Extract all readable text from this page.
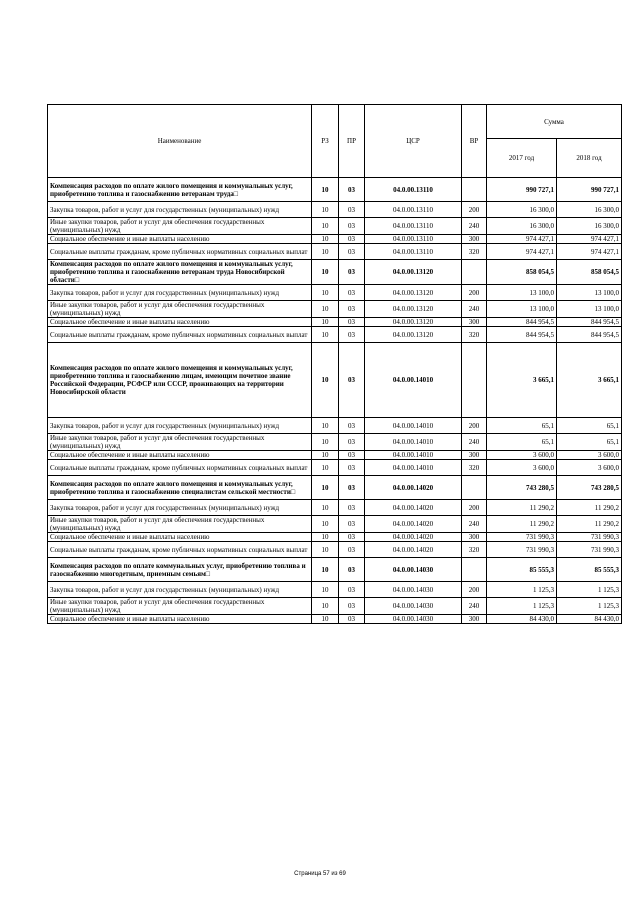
Наименование	РЗ	ПР	ЦСР	ВР	Сумма	
					2017 год	2018 год
Компенсация расходов по оплате жилого помещения и коммунальных услуг, приобретению топлива и газоснабжению ветеранам труда□	10	03	04.0.00.13110		990 727,1	990 727,1
Закупка товаров, работ и услуг для государственных (муниципальных) нужд	10	03	04.0.00.13110	200	16 300,0	16 300,0
Иные закупки товаров, работ и услуг для обеспечения государственных (муниципальных) нужд	10	03	04.0.00.13110	240	16 300,0	16 300,0
Социальное обеспечение и иные выплаты населению	10	03	04.0.00.13110	300	974 427,1	974 427,1
Социальные выплаты гражданам, кроме публичных нормативных социальных выплат	10	03	04.0.00.13110	320	974 427,1	974 427,1
Компенсация расходов по оплате жилого помещения и коммунальных услуг, приобретению топлива и газоснабжению ветеранам труда Новосибирской области□	10	03	04.0.00.13120		858 054,5	858 054,5
Закупка товаров, работ и услуг для государственных (муниципальных) нужд	10	03	04.0.00.13120	200	13 100,0	13 100,0
Иные закупки товаров, работ и услуг для обеспечения государственных (муниципальных) нужд	10	03	04.0.00.13120	240	13 100,0	13 100,0
Социальное обеспечение и иные выплаты населению	10	03	04.0.00.13120	300	844 954,5	844 954,5
Социальные выплаты гражданам, кроме публичных нормативных социальных выплат	10	03	04.0.00.13120	320	844 954,5	844 954,5
Компенсация расходов по оплате жилого помещения и коммунальных услуг, приобретению топлива и газоснабжению лицам, имеющим почетное звание Российской Федерации, РСФСР или СССР, проживающих на территории Новосибирской области	10	03	04.0.00.14010		3 665,1	3 665,1
Закупка товаров, работ и услуг для государственных (муниципальных) нужд	10	03	04.0.00.14010	200	65,1	65,1
Иные закупки товаров, работ и услуг для обеспечения государственных (муниципальных) нужд	10	03	04.0.00.14010	240	65,1	65,1
Социальное обеспечение и иные выплаты населению	10	03	04.0.00.14010	300	3 600,0	3 600,0
Социальные выплаты гражданам, кроме публичных нормативных социальных выплат	10	03	04.0.00.14010	320	3 600,0	3 600,0
Компенсация расходов по оплате жилого помещения и коммунальных услуг, приобретению топлива и газоснабжению специалистам сельской местности□	10	03	04.0.00.14020		743 280,5	743 280,5
Закупка товаров, работ и услуг для государственных (муниципальных) нужд	10	03	04.0.00.14020	200	11 290,2	11 290,2
Иные закупки товаров, работ и услуг для обеспечения государственных (муниципальных) нужд	10	03	04.0.00.14020	240	11 290,2	11 290,2
Социальное обеспечение и иные выплаты населению	10	03	04.0.00.14020	300	731 990,3	731 990,3
Социальные выплаты гражданам, кроме публичных нормативных социальных выплат	10	03	04.0.00.14020	320	731 990,3	731 990,3
Компенсация расходов по оплате коммунальных услуг, приобретению топлива и газоснабжению многодетным, приемным семьям□	10	03	04.0.00.14030		85 555,3	85 555,3
Закупка товаров, работ и услуг для государственных (муниципальных) нужд	10	03	04.0.00.14030	200	1 125,3	1 125,3
Иные закупки товаров, работ и услуг для обеспечения государственных (муниципальных) нужд	10	03	04.0.00.14030	240	1 125,3	1 125,3
Социальное обеспечение и иные выплаты населению	10	03	04.0.00.14030	300	84 430,0	84 430,0
Страница 57 из 69
